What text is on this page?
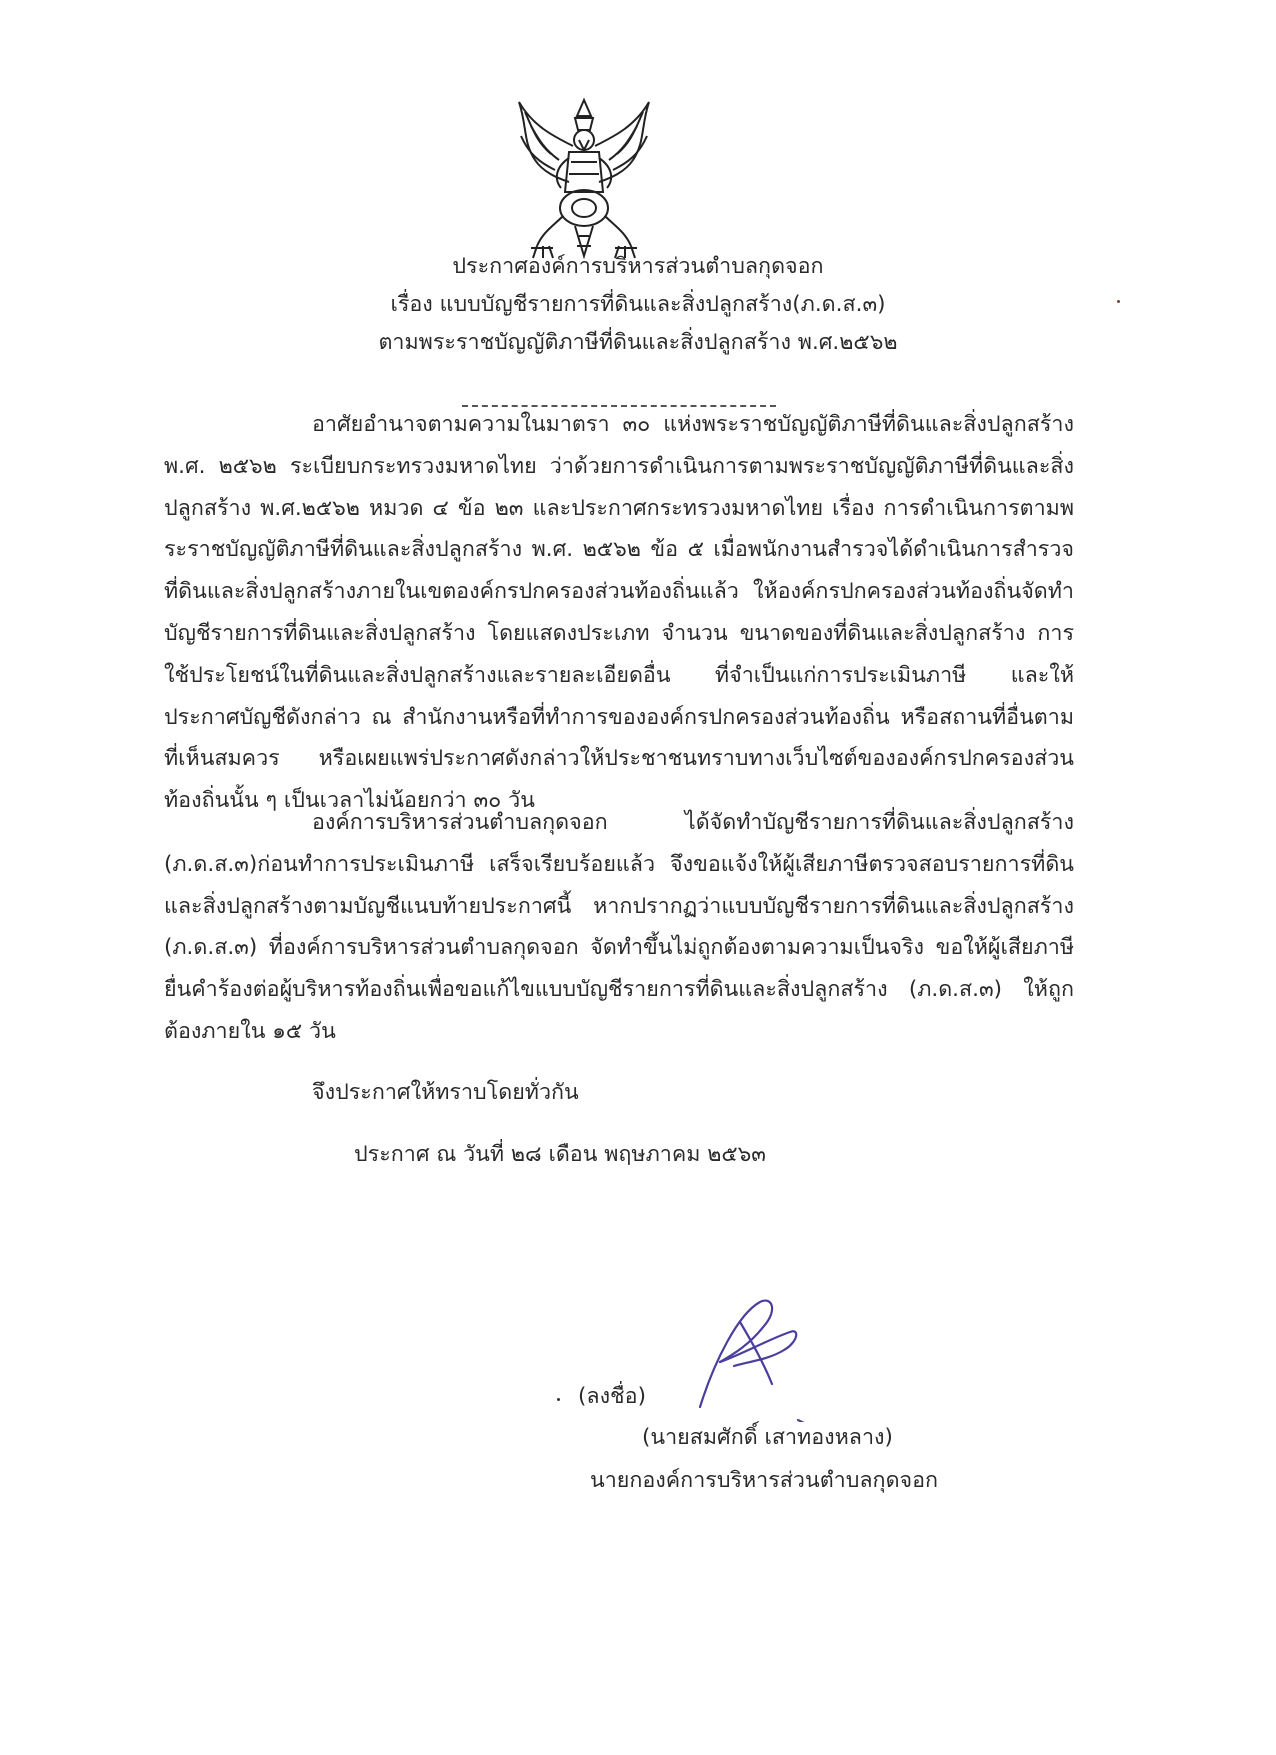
ประกาศองค์การบริหารส่วนตำบลกุดจอก
เรื่อง แบบบัญชีรายการที่ดินและสิ่งปลูกสร้าง(ภ.ด.ส.๓)
ตามพระราชบัญญัติภาษีที่ดินและสิ่งปลูกสร้าง พ.ศ.๒๕๖๒

อาศัยอำนาจตามความในมาตรา ๓๐ แห่งพระราชบัญญัติภาษีที่ดินและสิ่งปลูกสร้าง พ.ศ. ๒๕๖๒ ระเบียบกระทรวงมหาดไทย ว่าด้วยการดำเนินการตามพระราชบัญญัติภาษีที่ดินและสิ่งปลูกสร้าง พ.ศ.๒๕๖๒ หมวด ๔ ข้อ ๒๓ และประกาศกระทรวงมหาดไทย เรื่อง การดำเนินการตามพระราชบัญญัติภาษีที่ดินและสิ่งปลูกสร้าง พ.ศ. ๒๕๖๒ ข้อ ๕ เมื่อพนักงานสำรวจได้ดำเนินการสำรวจที่ดินและสิ่งปลูกสร้างภายในเขตองค์กรปกครองส่วนท้องถิ่นแล้ว ให้องค์กรปกครองส่วนท้องถิ่นจัดทำบัญชีรายการที่ดินและสิ่งปลูกสร้าง โดยแสดงประเภท จำนวน ขนาดของที่ดินและสิ่งปลูกสร้าง การใช้ประโยชน์ในที่ดินและสิ่งปลูกสร้างและรายละเอียดอื่น ที่จำเป็นแก่การประเมินภาษี และให้ประกาศบัญชีดังกล่าว ณ สำนักงานหรือที่ทำการขององค์กรปกครองส่วนท้องถิ่น หรือสถานที่อื่นตามที่เห็นสมควร หรือเผยแพร่ประกาศดังกล่าวให้ประชาชนทราบทางเว็บไซต์ขององค์กรปกครองส่วนท้องถิ่นนั้น ๆ เป็นเวลาไม่น้อยกว่า ๓๐ วัน

องค์การบริหารส่วนตำบลกุดจอก ได้จัดทำบัญชีรายการที่ดินและสิ่งปลูกสร้าง (ภ.ด.ส.๓)ก่อนทำการประเมินภาษี เสร็จเรียบร้อยแล้ว จึงขอแจ้งให้ผู้เสียภาษีตรวจสอบรายการที่ดินและสิ่งปลูกสร้างตามบัญชีแนบท้ายประกาศนี้ หากปรากฏว่าแบบบัญชีรายการที่ดินและสิ่งปลูกสร้าง (ภ.ด.ส.๓) ที่องค์การบริหารส่วนตำบลกุดจอก จัดทำขึ้นไม่ถูกต้องตามความเป็นจริง ขอให้ผู้เสียภาษียื่นคำร้องต่อผู้บริหารท้องถิ่นเพื่อขอแก้ไขแบบบัญชีรายการที่ดินและสิ่งปลูกสร้าง (ภ.ด.ส.๓) ให้ถูกต้องภายใน ๑๕ วัน

จึงประกาศให้ทราบโดยทั่วกัน
ประกาศ ณ วันที่ ๒๘ เดือน พฤษภาคม ๒๕๖๓
(ลงชื่อ)
(นายสมศักดิ์ เสาทองหลาง)
นายกองค์การบริหารส่วนตำบลกุดจอก
